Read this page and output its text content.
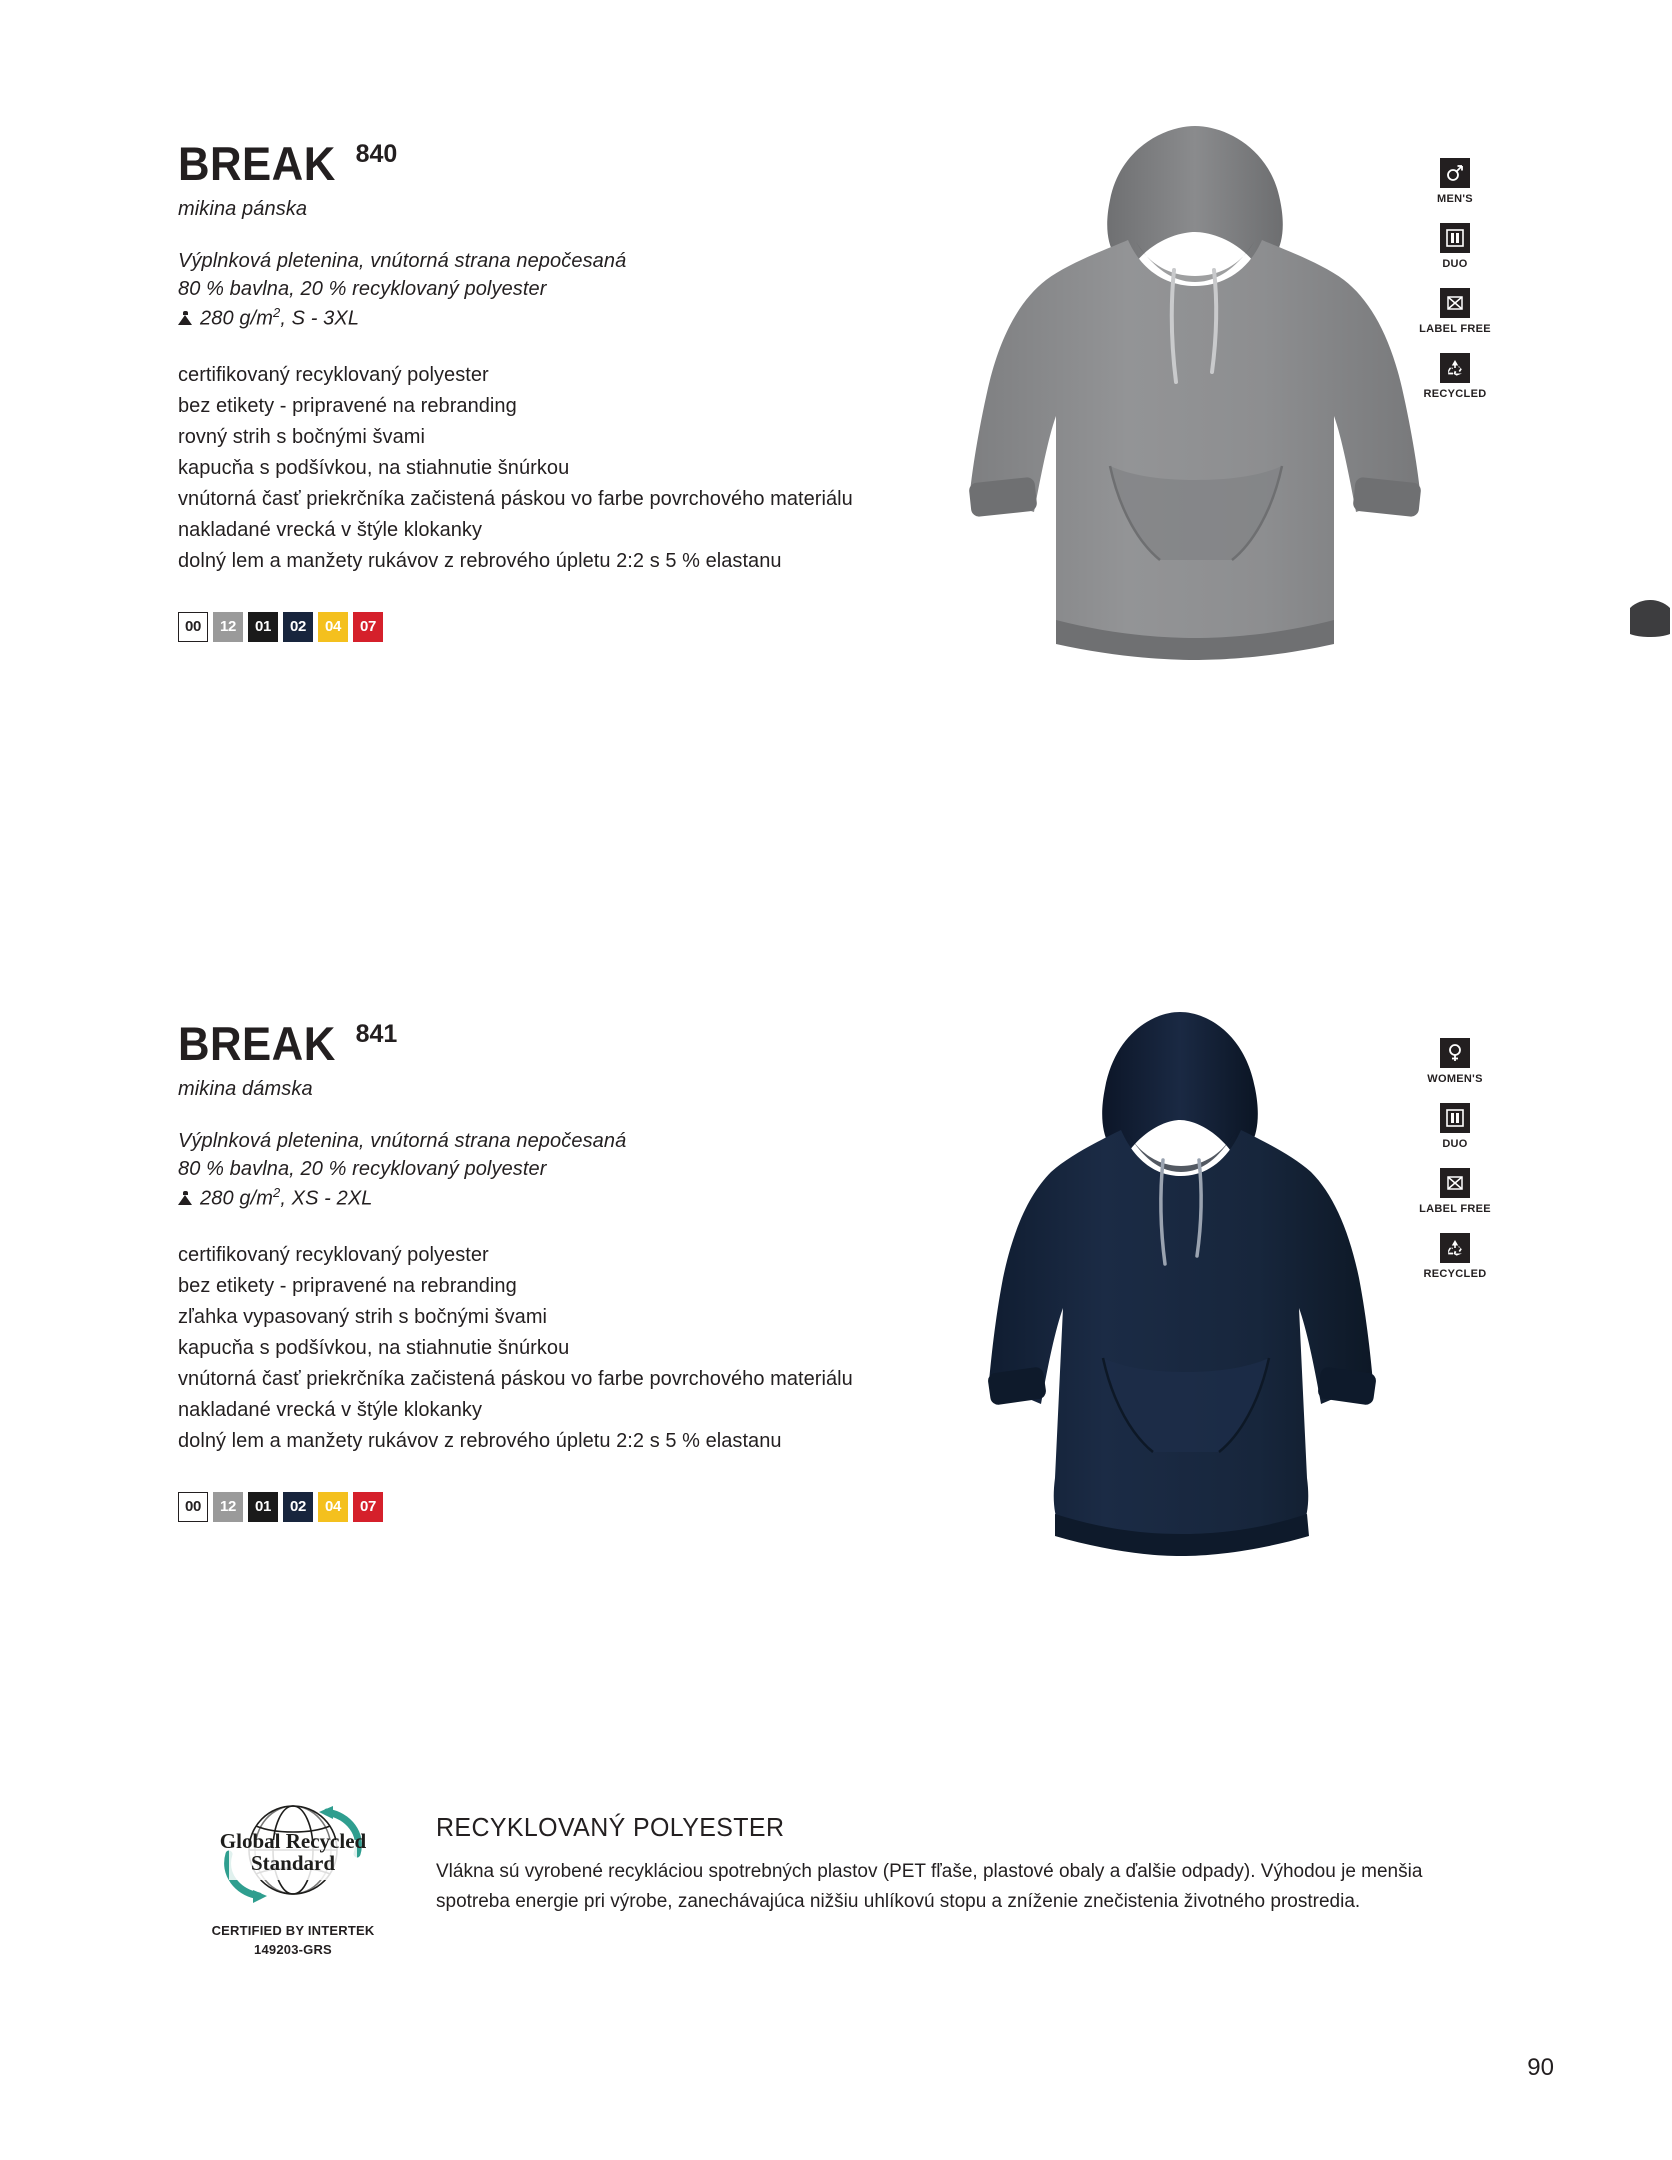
BREAK 840
mikina pánska
Výplnková pletenina, vnútorná strana nepočesaná
80 % bavlna, 20 % recyklovaný polyester
280 $g/m^2$, S - 3XL
certifikovaný recyklovaný polyester
bez etikety - pripravené na rebranding
rovný strih s bočnými švami
kapucňa s podšívkou, na stiahnutie šnúrkou
vnútorná časť priekrčníka začistená páskou vo farbe povrchového materiálu
nakladané vrecká v štýle klokanky
dolný lem a manžety rukávov z rebrového úpletu 2:2 s 5 % elastanu
00	12	01	02	04	07
MEN'S
DUO
LABEL FREE
RECYCLED
BREAK 841
mikina dámska
Výplnková pletenina, vnútorná strana nepočesaná
80 % bavlna, 20 % recyklovaný polyester
280 $g/m^2$, XS - 2XL
certifikovaný recyklovaný polyester
bez etikety - pripravené na rebranding
zľahka vypasovaný strih s bočnými švami
kapucňa s podšívkou, na stiahnutie šnúrkou
vnútorná časť priekrčníka začistená páskou vo farbe povrchového materiálu
nakladané vrecká v štýle klokanky
dolný lem a manžety rukávov z rebrového úpletu 2:2 s 5 % elastanu
00	12	01	02	04	07
WOMEN'S
DUO
LABEL FREE
RECYCLED
Global Recycled
Standard
CERTIFIED BY INTERTEK
149203-GRS
RECYKLOVANÝ POLYESTER
Vlákna sú vyrobené recykláciou spotrebných plastov (PET fľaše, plastové obaly a ďalšie odpady). Výhodou je menšia spotreba energie pri výrobe, zanechávajúca nižšiu uhlíkovú stopu a zníženie znečistenia životného prostredia.
90
